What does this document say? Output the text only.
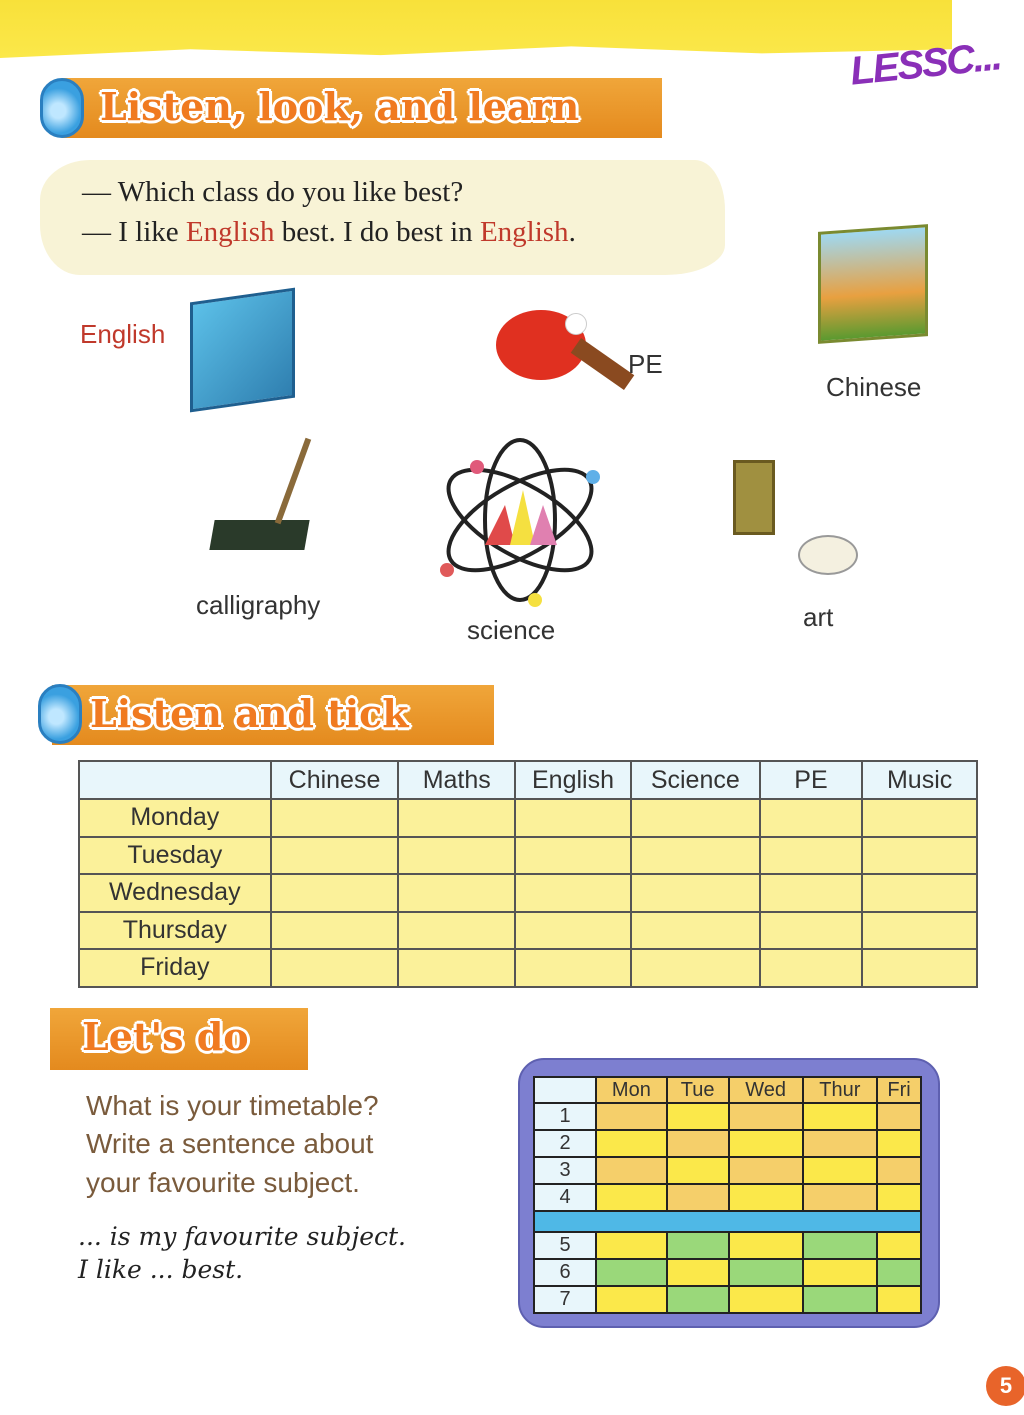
LESSC...
Listen, look, and learn
— Which class do you like best?
— I like English best. I do best in English.
English
PE
Chinese
calligraphy
science	art
Listen and tick
	Chinese	Maths	English	Science	PE	Music
Monday						
Tuesday						
Wednesday						
Thursday						
Friday						
Let's do
What is your timetable?
Write a sentence about
your favourite subject.
... is my favourite subject.
I like ... best.
	Mon	Tue	Wed	Thur	Fri
1					
2					
3					
4					

5					
6					
7					
5
